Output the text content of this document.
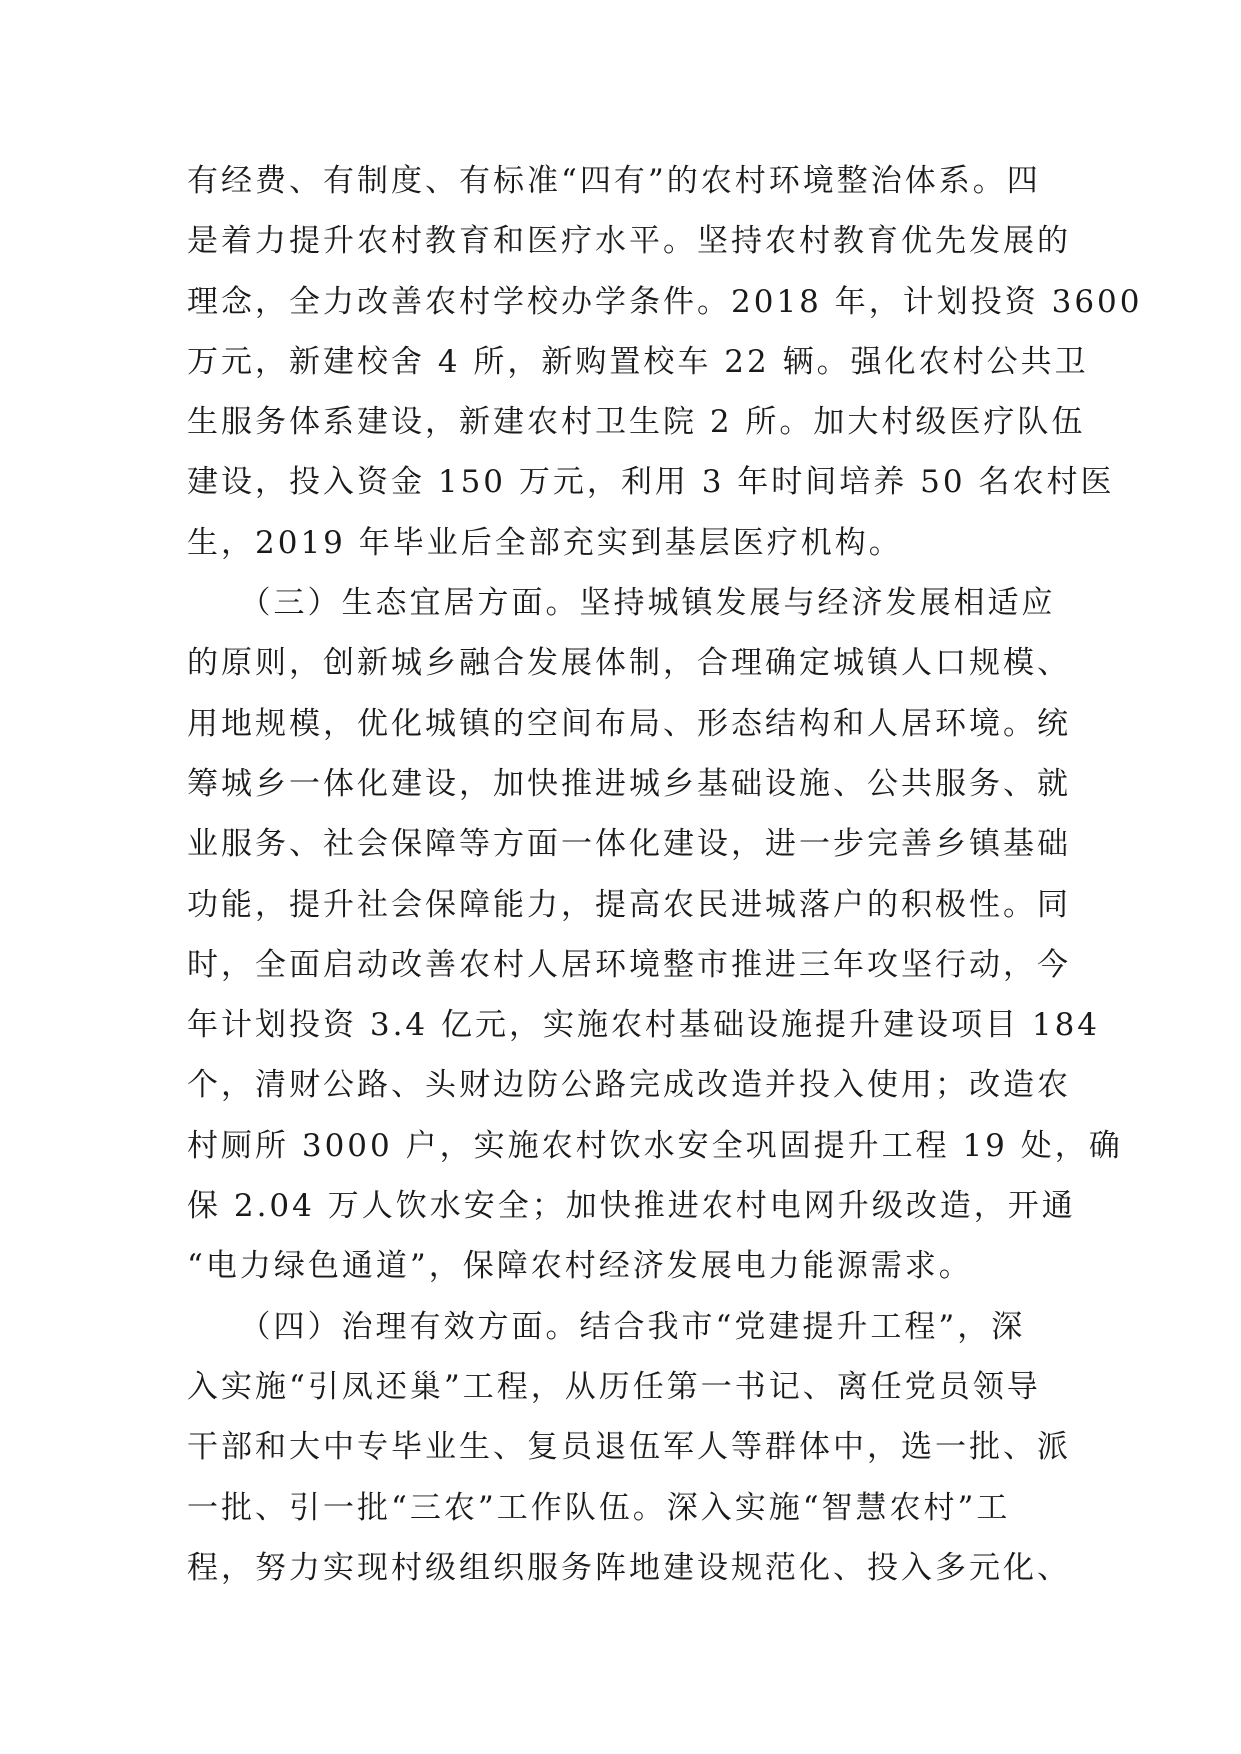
有经费、有制度、有标准“四有”的农村环境整治体系。四
是着力提升农村教育和医疗水平。坚持农村教育优先发展的
理念，全力改善农村学校办学条件。2018 年，计划投资 3600
万元，新建校舍 4 所，新购置校车 22 辆。强化农村公共卫
生服务体系建设，新建农村卫生院 2 所。加大村级医疗队伍
建设，投入资金 150 万元，利用 3 年时间培养 50 名农村医
生，2019 年毕业后全部充实到基层医疗机构。
　　（三）生态宜居方面。坚持城镇发展与经济发展相适应
的原则，创新城乡融合发展体制，合理确定城镇人口规模、
用地规模，优化城镇的空间布局、形态结构和人居环境。统
筹城乡一体化建设，加快推进城乡基础设施、公共服务、就
业服务、社会保障等方面一体化建设，进一步完善乡镇基础
功能，提升社会保障能力，提高农民进城落户的积极性。同
时，全面启动改善农村人居环境整市推进三年攻坚行动，今
年计划投资 3.4 亿元，实施农村基础设施提升建设项目 184
个，清财公路、头财边防公路完成改造并投入使用；改造农
村厕所 3000 户，实施农村饮水安全巩固提升工程 19 处，确
保 2.04 万人饮水安全；加快推进农村电网升级改造，开通
“电力绿色通道”，保障农村经济发展电力能源需求。
　　（四）治理有效方面。结合我市“党建提升工程”，深
入实施“引凤还巢”工程，从历任第一书记、离任党员领导
干部和大中专毕业生、复员退伍军人等群体中，选一批、派
一批、引一批“三农”工作队伍。深入实施“智慧农村”工
程，努力实现村级组织服务阵地建设规范化、投入多元化、
